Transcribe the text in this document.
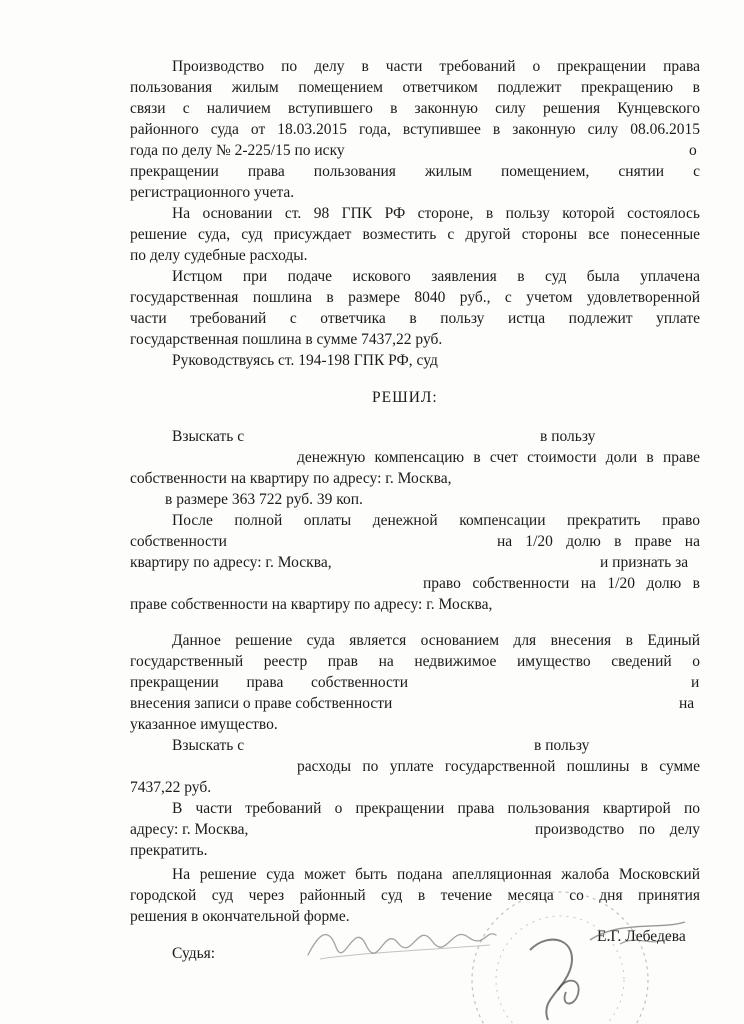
Производство по делу в части требований о прекращении права
пользования жилым помещением ответчиком подлежит прекращению в
связи с наличием вступившего в законную силу решения Кунцевского
районного суда от 18.03.2015 года, вступившее в законную силу 08.06.2015
года по делу № 2-225/15 по иску	о
прекращении права пользования жилым помещением, снятии с
регистрационного учета.
На основании ст. 98 ГПК РФ стороне, в пользу которой состоялось
решение суда, суд присуждает возместить с другой стороны все понесенные
по делу судебные расходы.
Истцом при подаче искового заявления в суд была уплачена
государственная пошлина в размере 8040 руб., с учетом удовлетворенной
части требований с ответчика в пользу истца подлежит уплате
государственная пошлина в сумме 7437,22 руб.
Руководствуясь ст. 194-198 ГПК РФ, суд
РЕШИЛ:
Взыскать с	в пользу
денежную компенсацию в счет стоимости доли в праве
собственности на квартиру по адресу: г. Москва,
в размере 363 722 руб. 39 коп.
После полной оплаты денежной компенсации прекратить право
собственности	на 1/20 долю в праве на
квартиру по адресу: г. Москва,	и признать за
право собственности на 1/20 долю в
праве собственности на квартиру по адресу: г. Москва,
Данное решение суда является основанием для внесения в Единый
государственный реестр прав на недвижимое имущество сведений о
прекращении права собственности	и
внесения записи о праве собственности	на
указанное имущество.
Взыскать с	в пользу
расходы по уплате государственной пошлины в сумме
7437,22 руб.
В части требований о прекращении права пользования квартирой по
адресу: г. Москва,	производство по делу
прекратить.
На решение суда может быть подана апелляционная жалоба Московский
городской суд через районный суд в течение месяца со дня принятия
решения в окончательной форме.
Судья:
Е.Г. Лебедева
